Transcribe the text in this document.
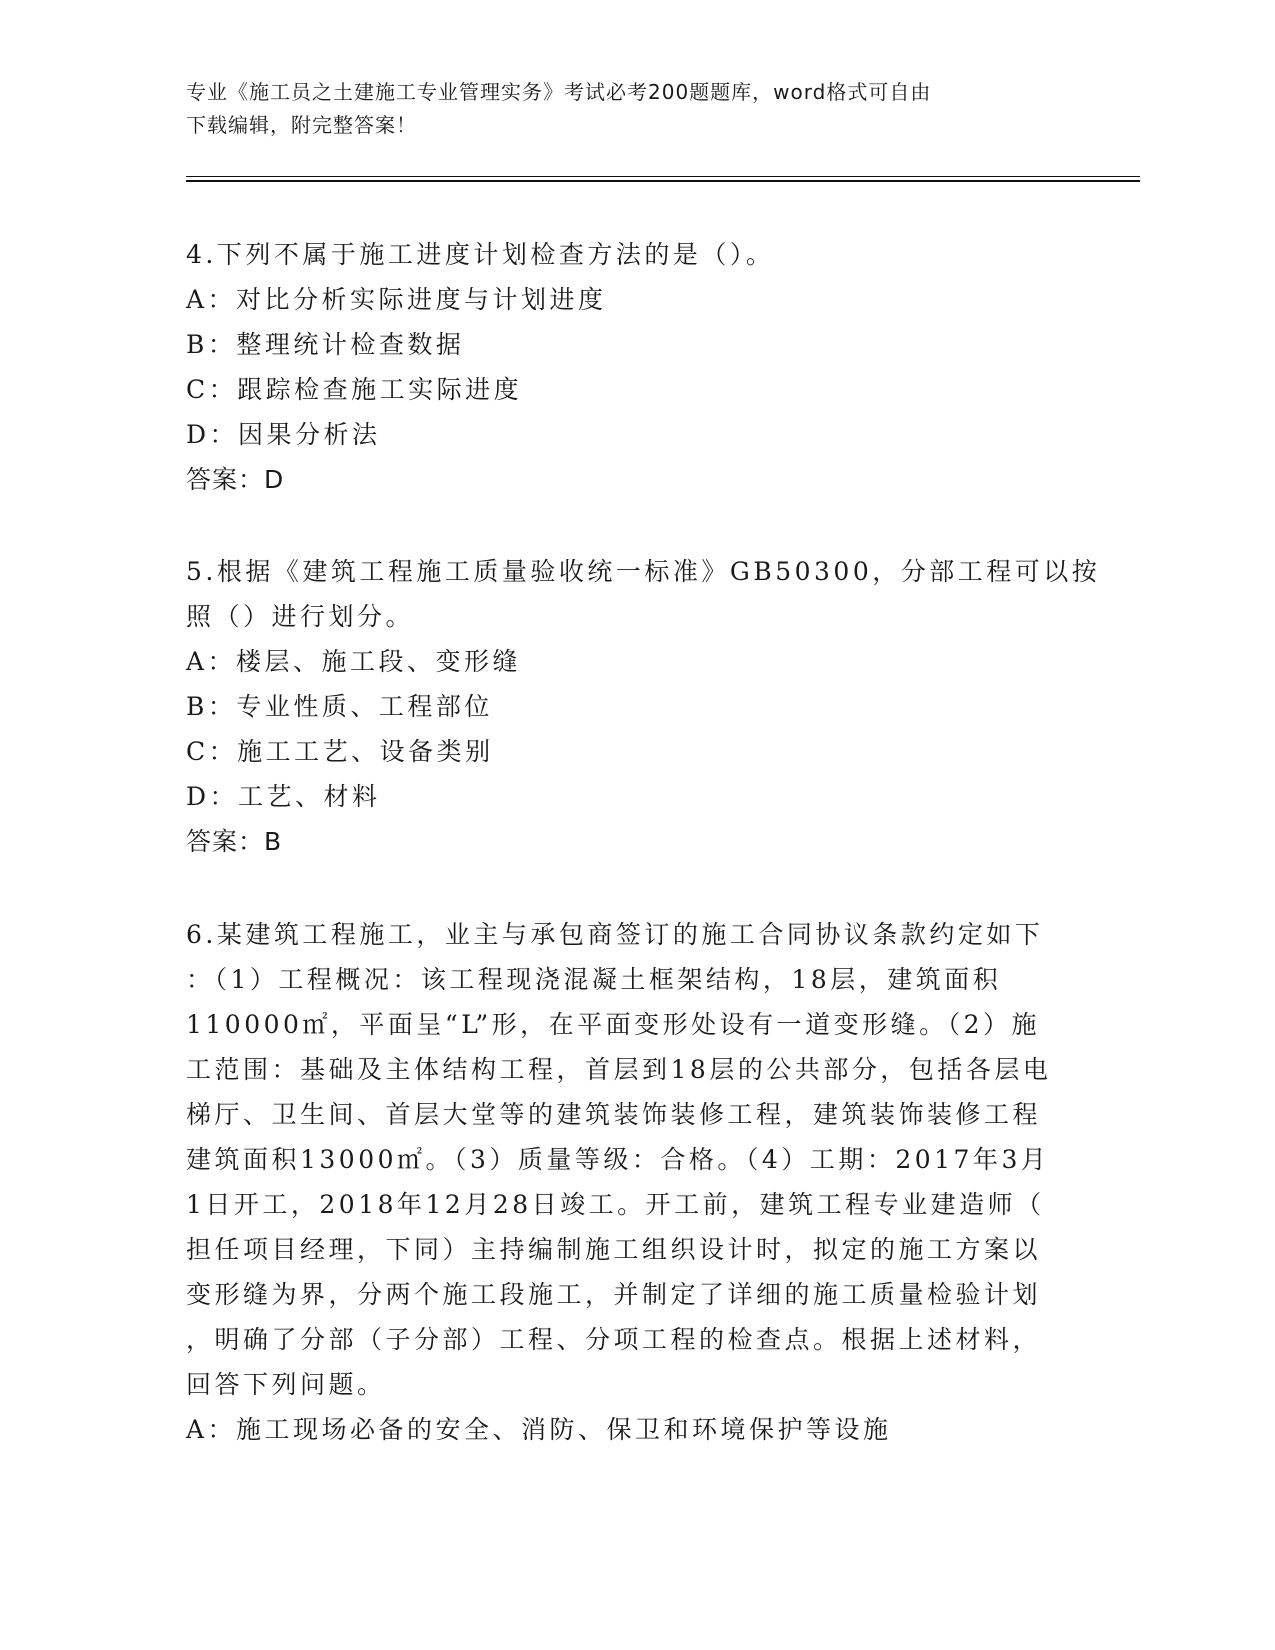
专业《施工员之土建施工专业管理实务》考试必考200题题库，word格式可自由
下载编辑，附完整答案！
4.下列不属于施工进度计划检查方法的是（）。
A：对比分析实际进度与计划进度
B：整理统计检查数据
C：跟踪检查施工实际进度
D：因果分析法
答案：D
5.根据《建筑工程施工质量验收统一标准》GB50300，分部工程可以按
照（）进行划分。
A：楼层、施工段、变形缝
B：专业性质、工程部位
C：施工工艺、设备类别
D：工艺、材料
答案：B
6.某建筑工程施工，业主与承包商签订的施工合同协议条款约定如下
：（1）工程概况：该工程现浇混凝土框架结构，18层，建筑面积
110000㎡，平面呈“L”形，在平面变形处设有一道变形缝。（2）施
工范围：基础及主体结构工程，首层到18层的公共部分，包括各层电
梯厅、卫生间、首层大堂等的建筑装饰装修工程，建筑装饰装修工程
建筑面积13000㎡。（3）质量等级：合格。（4）工期：2017年3月
1日开工，2018年12月28日竣工。开工前，建筑工程专业建造师（
担任项目经理，下同）主持编制施工组织设计时，拟定的施工方案以
变形缝为界，分两个施工段施工，并制定了详细的施工质量检验计划
，明确了分部（子分部）工程、分项工程的检查点。根据上述材料，
回答下列问题。
A：施工现场必备的安全、消防、保卫和环境保护等设施
